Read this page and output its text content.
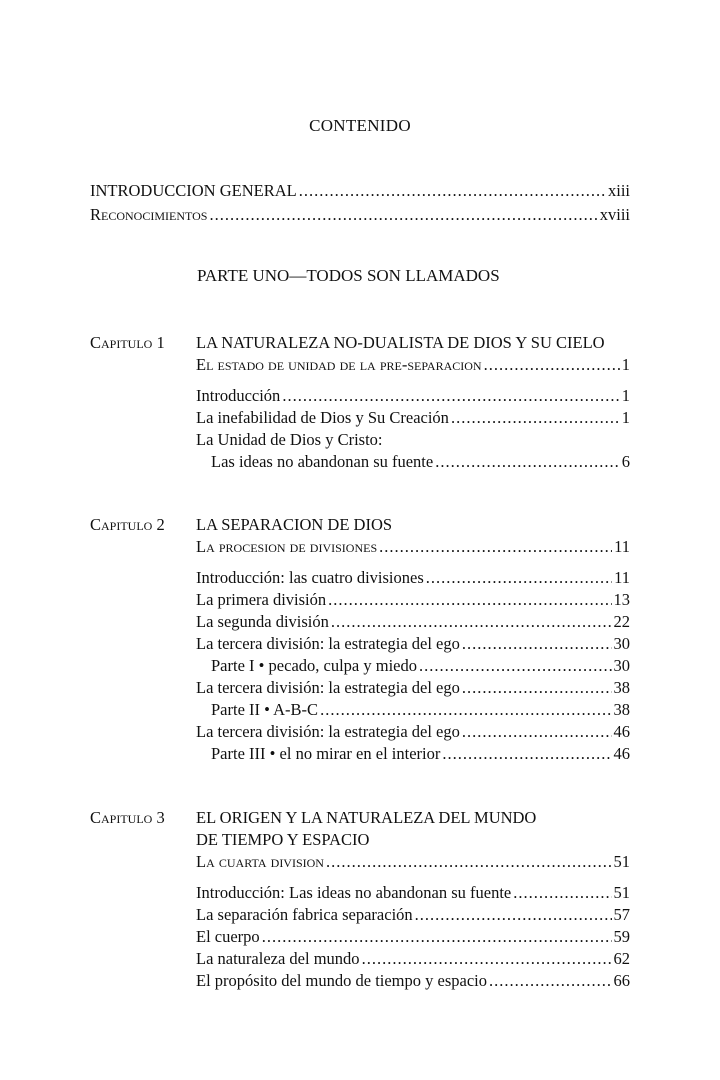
CONTENIDO
INTRODUCCION GENERAL .....	xiii
Reconocimientos .....	xviii
PARTE UNO—TODOS SON LLAMADOS
Capitulo 1 LA NATURALEZA NO-DUALISTA DE DIOS Y SU CIELO
El estado de unidad de la pre-separacion .....	1
Introducción .....	1
La inefabilidad de Dios y Su Creación .....	1
La Unidad de Dios y Cristo:
Las ideas no abandonan su fuente .....	6
Capitulo 2 LA SEPARACION DE DIOS
La procesion de divisiones .....	11
Introducción: las cuatro divisiones .....	11
La primera división .....	13
La segunda división .....	22
La tercera división: la estrategia del ego .....	30
Parte I • pecado, culpa y miedo .....	30
La tercera división: la estrategia del ego .....	38
Parte II • A-B-C .....	38
La tercera división: la estrategia del ego .....	46
Parte III • el no mirar en el interior .....	46
Capitulo 3 EL ORIGEN Y LA NATURALEZA DEL MUNDO
DE TIEMPO Y ESPACIO
La cuarta division .....	51
Introducción: Las ideas no abandonan su fuente .....	51
La separación fabrica separación .....	57
El cuerpo .....	59
La naturaleza del mundo .....	62
El propósito del mundo de tiempo y espacio .....	66
